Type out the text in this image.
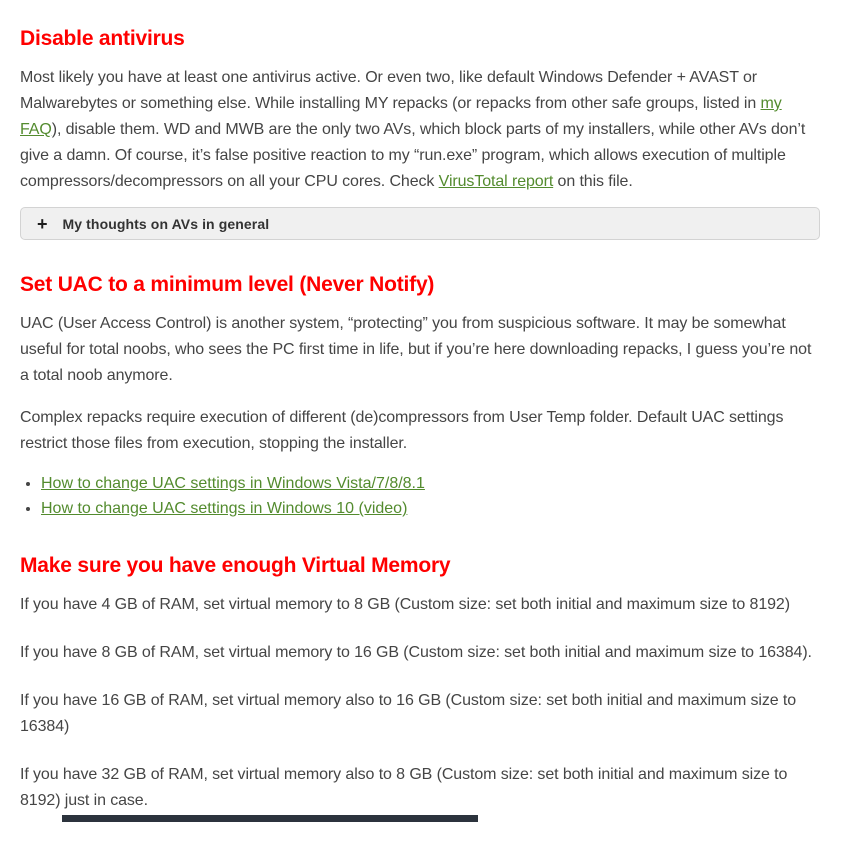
Disable antivirus

Most likely you have at least one antivirus active. Or even two, like default Windows Defender + AVAST or Malwarebytes or something else. While installing MY repacks (or repacks from other safe groups, listed in my FAQ), disable them. WD and MWB are the only two AVs, which block parts of my installers, while other AVs don’t give a damn. Of course, it’s false positive reaction to my “run.exe” program, which allows execution of multiple compressors/decompressors on all your CPU cores. Check VirusTotal report on this file.

+ My thoughts on AVs in general
Set UAC to a minimum level (Never Notify)

UAC (User Access Control) is another system, “protecting” you from suspicious software. It may be somewhat useful for total noobs, who sees the PC first time in life, but if you’re here downloading repacks, I guess you’re not a total noob anymore.

Complex repacks require execution of different (de)compressors from User Temp folder. Default UAC settings restrict those files from execution, stopping the installer.

• How to change UAC settings in Windows Vista/7/8/8.1
• How to change UAC settings in Windows 10 (video)
Make sure you have enough Virtual Memory

If you have 4 GB of RAM, set virtual memory to 8 GB (Custom size: set both initial and maximum size to 8192)

If you have 8 GB of RAM, set virtual memory to 16 GB (Custom size: set both initial and maximum size to 16384).

If you have 16 GB of RAM, set virtual memory also to 16 GB (Custom size: set both initial and maximum size to 16384)

If you have 32 GB of RAM, set virtual memory also to 8 GB (Custom size: set both initial and maximum size to 8192) just in case.
